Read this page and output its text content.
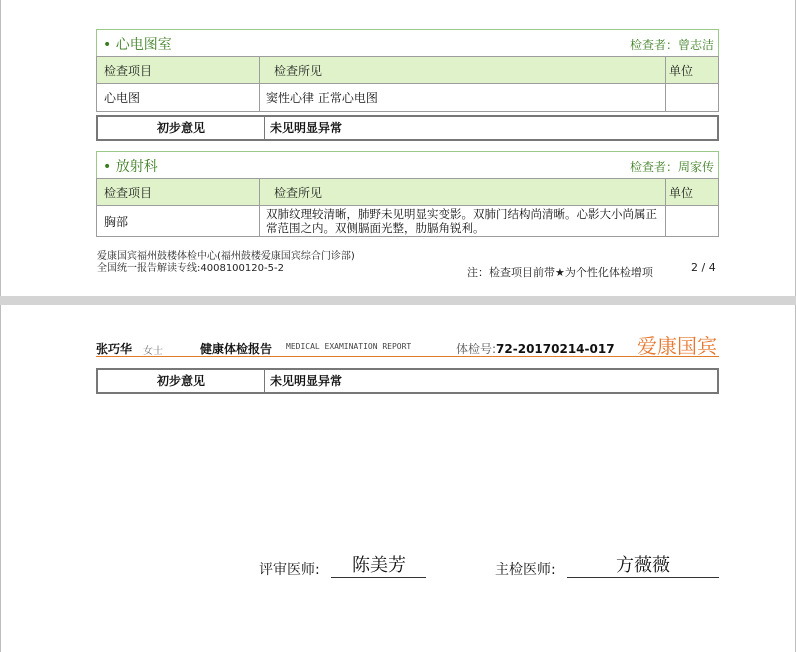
• 心电图室	检查者：曾志洁
检查项目	检查所见	单位
心电图	窦性心律 正常心电图	
初步意见	未见明显异常
• 放射科	检查者：周家传
检查项目	检查所见	单位
胸部	双肺纹理较清晰，肺野未见明显实变影。双肺门结构尚清晰。心影大小尚属正常范围之内。双侧膈面光整，肋膈角锐利。	
爱康国宾福州鼓楼体检中心(福州鼓楼爱康国宾综合门诊部)
全国统一报告解读专线:4008100120-5-2	注：检查项目前带★为个性化体检增项	2 / 4
张巧华 女士	健康体检报告 MEDICAL EXAMINATION REPORT	体检号:72-20170214-017 爱康国宾
初步意见	未见明显异常
评审医师:	陈美芳	主检医师:	方薇薇
